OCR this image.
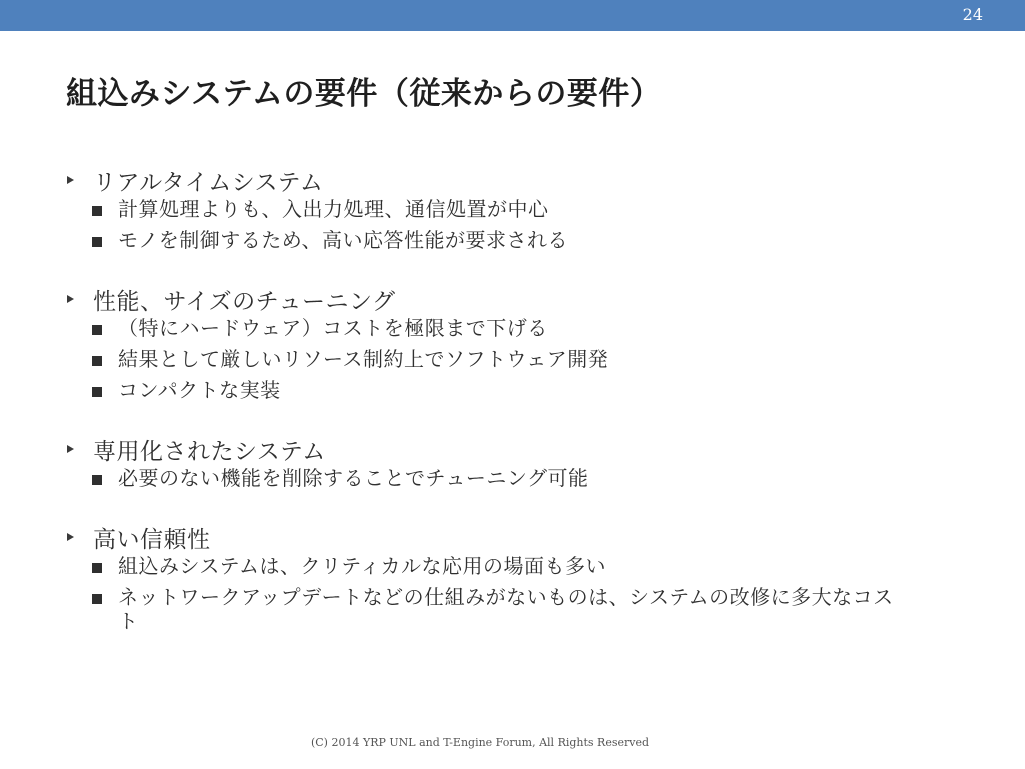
24
組込みシステムの要件（従来からの要件）
リアルタイムシステム
計算処理よりも、入出力処理、通信処置が中心
モノを制御するため、高い応答性能が要求される
性能、サイズのチューニング
（特にハードウェア）コストを極限まで下げる
結果として厳しいリソース制約上でソフトウェア開発
コンパクトな実装
専用化されたシステム
必要のない機能を削除することでチューニング可能
高い信頼性
組込みシステムは、クリティカルな応用の場面も多い
ネットワークアップデートなどの仕組みがないものは、システムの改修に多大なコスト
(C) 2014 YRP UNL and T-Engine Forum, All Rights Reserved
